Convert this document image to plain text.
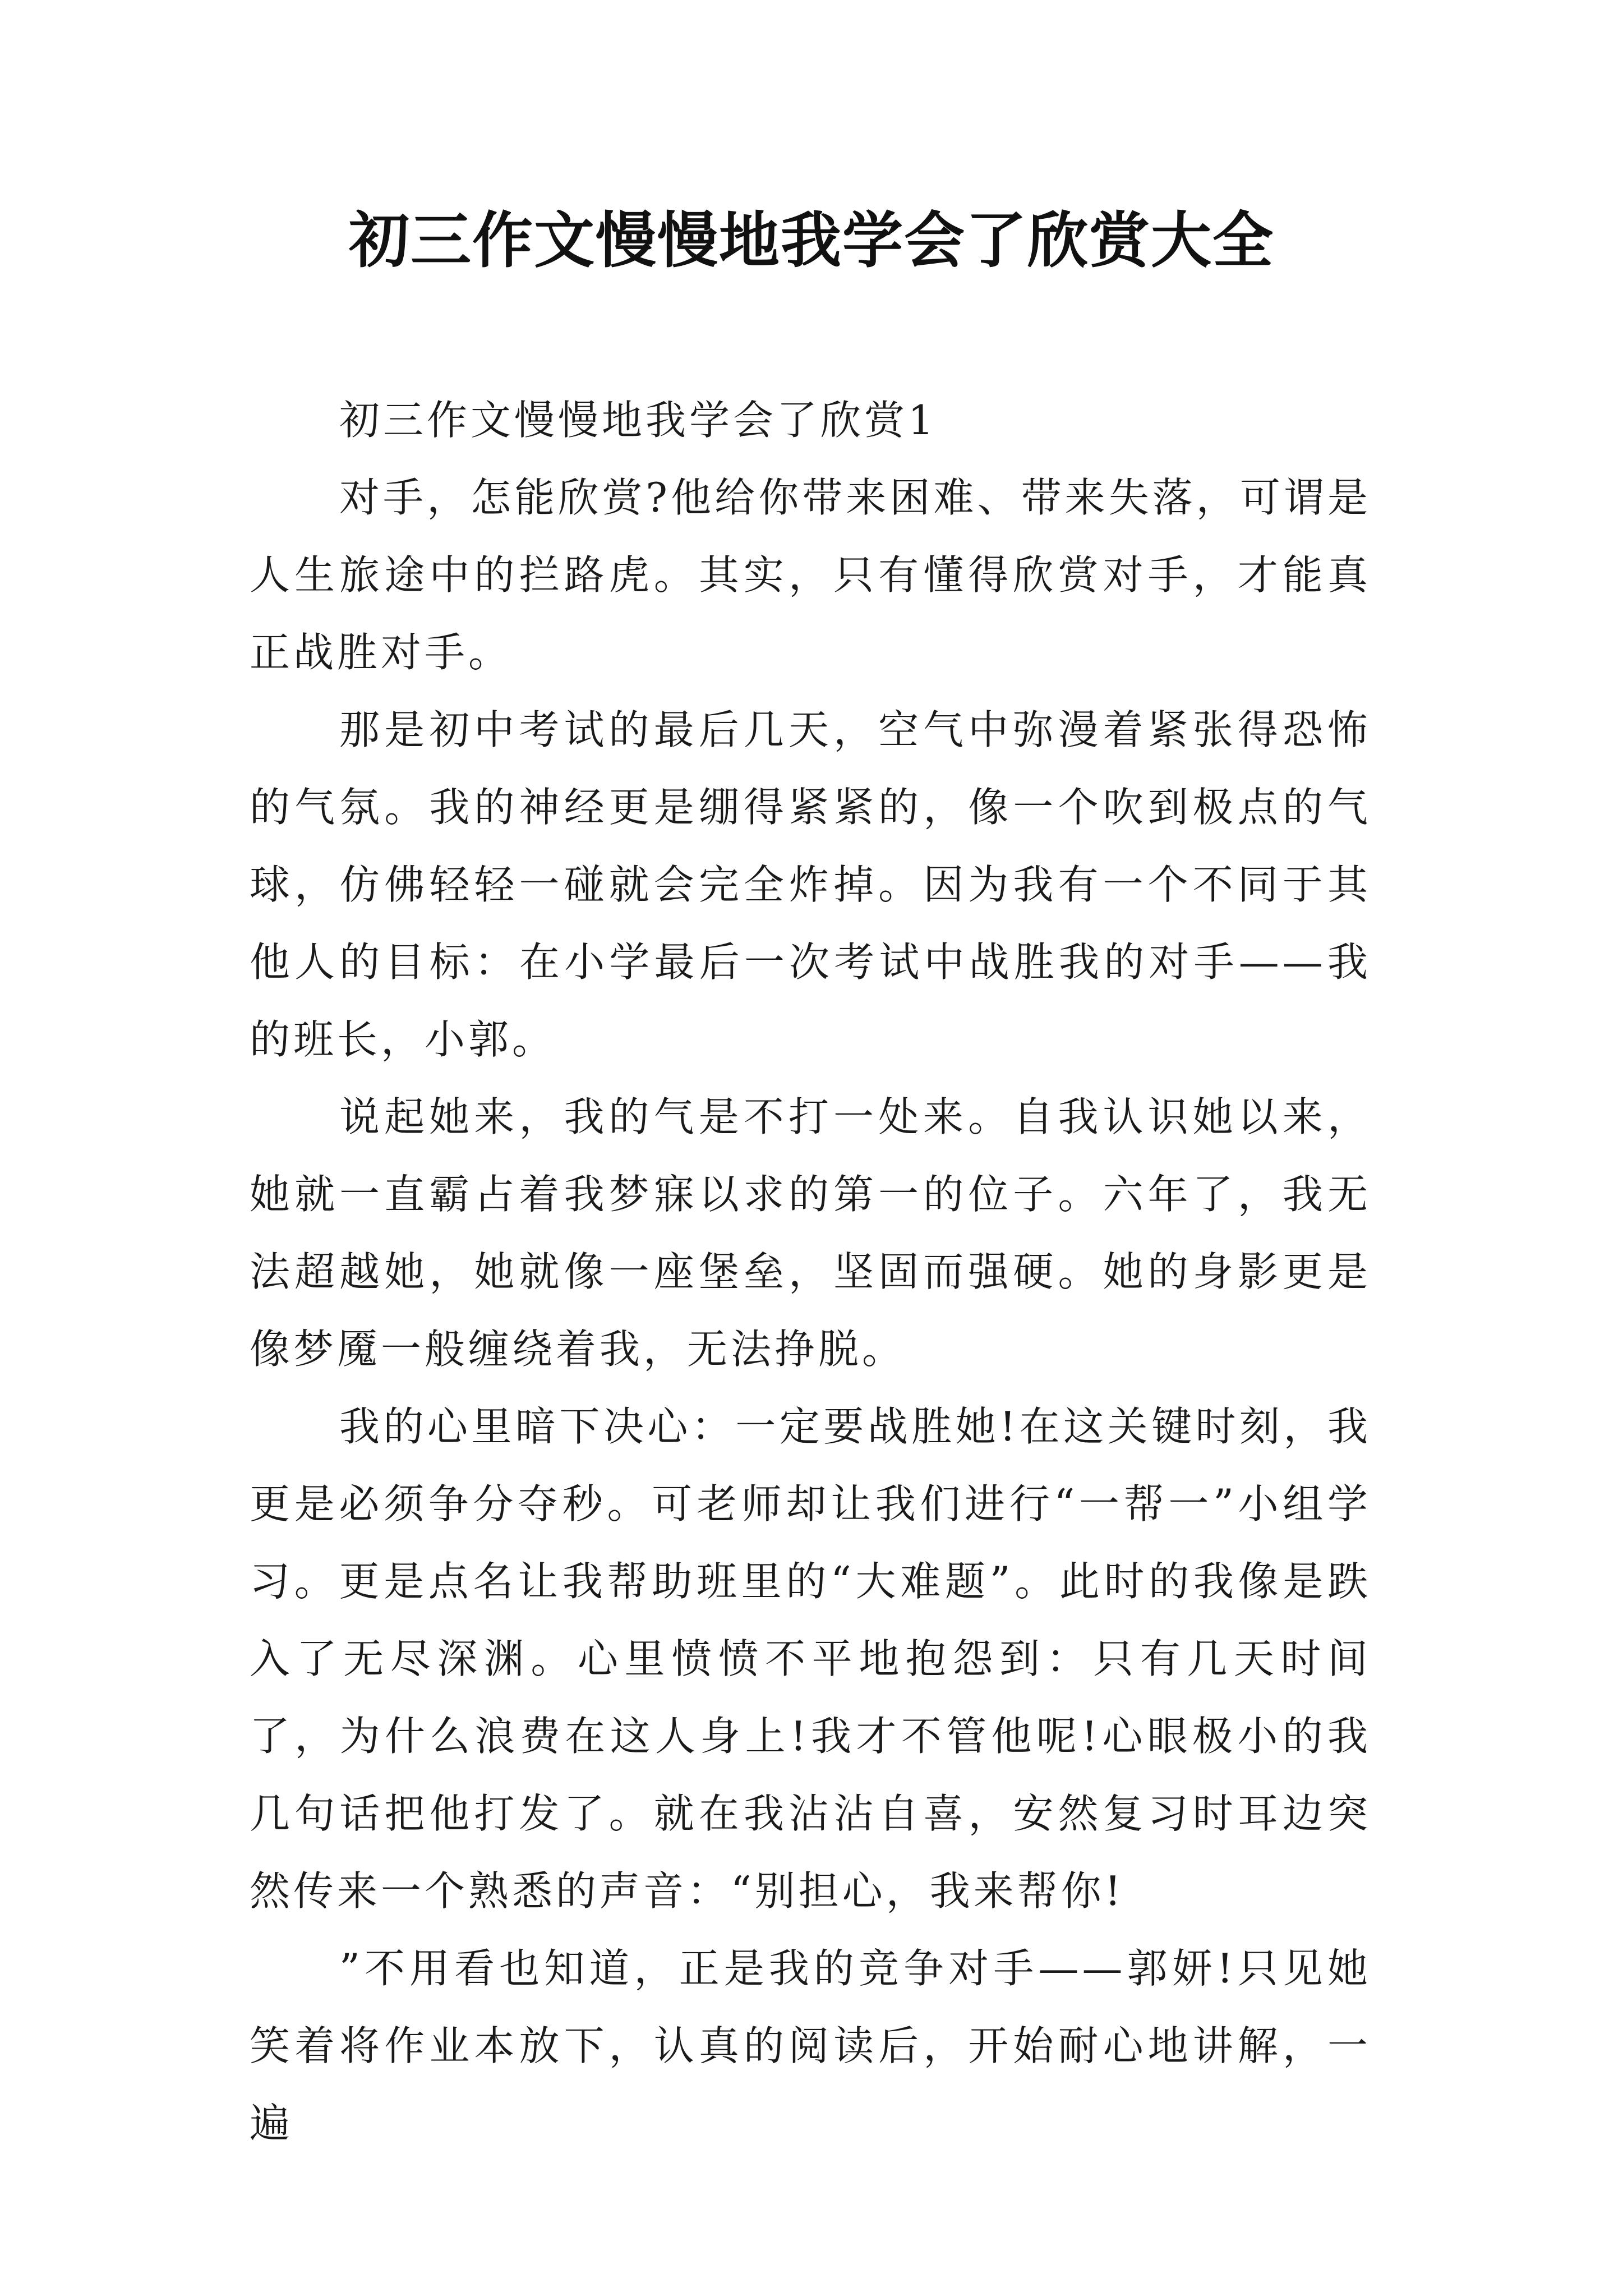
初三作文慢慢地我学会了欣赏大全

初三作文慢慢地我学会了欣赏1

对手，怎能欣赏?他给你带来困难、带来失落，可谓是人生旅途中的拦路虎。其实，只有懂得欣赏对手，才能真正战胜对手。

那是初中考试的最后几天，空气中弥漫着紧张得恐怖的气氛。我的神经更是绷得紧紧的，像一个吹到极点的气球，仿佛轻轻一碰就会完全炸掉。因为我有一个不同于其他人的目标：在小学最后一次考试中战胜我的对手——我的班长，小郭。

说起她来，我的气是不打一处来。自我认识她以来，她就一直霸占着我梦寐以求的第一的位子。六年了，我无法超越她，她就像一座堡垒，坚固而强硬。她的身影更是像梦魇一般缠绕着我，无法挣脱。

我的心里暗下决心：一定要战胜她!在这关键时刻，我更是必须争分夺秒。可老师却让我们进行“一帮一”小组学习。更是点名让我帮助班里的“大难题”。此时的我像是跌入了无尽深渊。心里愤愤不平地抱怨到：只有几天时间了，为什么浪费在这人身上!我才不管他呢!心眼极小的我几句话把他打发了。就在我沾沾自喜，安然复习时耳边突然传来一个熟悉的声音：“别担心，我来帮你!

”不用看也知道，正是我的竞争对手——郭妍!只见她笑着将作业本放下，认真的阅读后，开始耐心地讲解，一遍
